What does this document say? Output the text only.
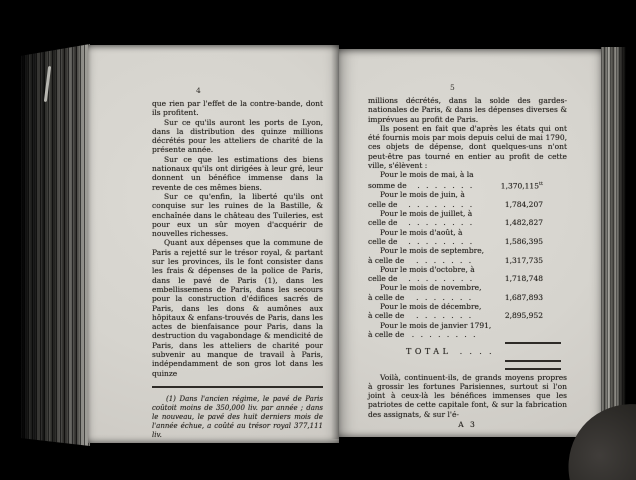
4

que rien par l'effet de la contre-bande, dont ils profitent.

Sur ce qu'ils auront les ports de Lyon, dans la distribution des quinze millions décrétés pour les atteliers de charité de la présente année.

Sur ce que les estimations des biens nationaux qu'ils ont dirigées à leur gré, leur donnent un bénéfice immense dans la revente de ces mêmes biens.

Sur ce qu'enfin, la liberté qu'ils ont conquise sur les ruines de la Bastille, & enchaînée dans le château des Tuileries, est pour eux un sûr moyen d'acquérir de nouvelles richesses.

Quant aux dépenses que la commune de Paris a rejetté sur le trésor royal, & partant sur les provinces, ils le font consister dans les frais & dépenses de la police de Paris, dans le pavé de Paris (1), dans les embellissemens de Paris, dans les secours pour la construction d'édifices sacrés de Paris, dans les dons & aumônes aux hôpitaux & enfans-trouvés de Paris, dans les actes de bienfaisance pour Paris, dans la destruction du vagabondage & mendicité de Paris, dans les atteliers de charité pour subvenir au manque de travail à Paris, indépendamment de son gros lot dans les quinze

(1) Dans l'ancien régime, le pavé de Paris coûtoit moins de 350,000 liv. par année ; dans le nouveau, le pavé des huit derniers mois de l'année échue, a coûté au trésor royal 377,111 liv.

5

millions décrétés, dans la solde des gardes-nationales de Paris, & dans les dépenses diverses & imprévues au profit de Paris.

Ils posent en fait que d'après les états qui ont été fournis mois par mois depuis celui de mai 1790, ces objets de dépense, dont quelques-uns n'ont peut-être pas tourné en entier au profit de cette ville, s'élèvent :

Pour le mois de mai, à la
somme de	. . . . . . .	$1,370,115^{tt}$
Pour le mois de juin, à
celle de	. . . . . . . .	1,784,207
Pour le mois de juillet, à
celle de	. . . . . . . .	1,482,827
Pour le mois d'août, à
celle de	. . . . . . . .	1,586,395
Pour le mois de septembre,
à celle de	. . . . . . .	1,317,735
Pour le mois d'octobre, à
celle de	. . . . . . . .	1,718,748
Pour le mois de novembre,
à celle de	. . . . . . .	1,687,893
Pour le mois de décembre,
à celle de	. . . . . . .	2,895,952
Pour le mois de janvier 1791,
à celle de . . . . . . . .
TOTAL . . . .

Voilà, continuent-ils, de grands moyens propres à grossir les fortunes Parisiennes, surtout si l'on joint à ceux-là les bénéfices immenses que les patriotes de cette capitale font, & sur la fabrication des assignats, & sur l'é-

A 3
